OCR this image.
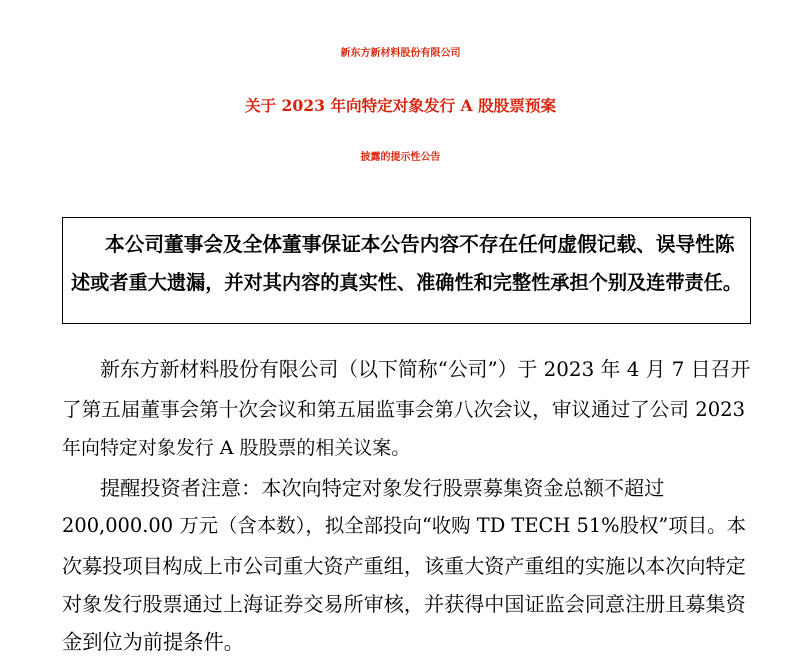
新东方新材料股份有限公司
关于 2023 年向特定对象发行 A 股股票预案
披露的提示性公告
本公司董事会及全体董事保证本公告内容不存在任何虚假记载、误导性陈
述或者重大遗漏，并对其内容的真实性、准确性和完整性承担个别及连带责任。
新东方新材料股份有限公司（以下简称“公司”）于 2023 年 4 月 7 日召开
了第五届董事会第十次会议和第五届监事会第八次会议，审议通过了公司 2023
年向特定对象发行 A 股股票的相关议案。
提醒投资者注意：本次向特定对象发行股票募集资金总额不超过
200,000.00 万元（含本数），拟全部投向“收购 TD TECH 51%股权”项目。本
次募投项目构成上市公司重大资产重组，该重大资产重组的实施以本次向特定
对象发行股票通过上海证券交易所审核，并获得中国证监会同意注册且募集资
金到位为前提条件。
